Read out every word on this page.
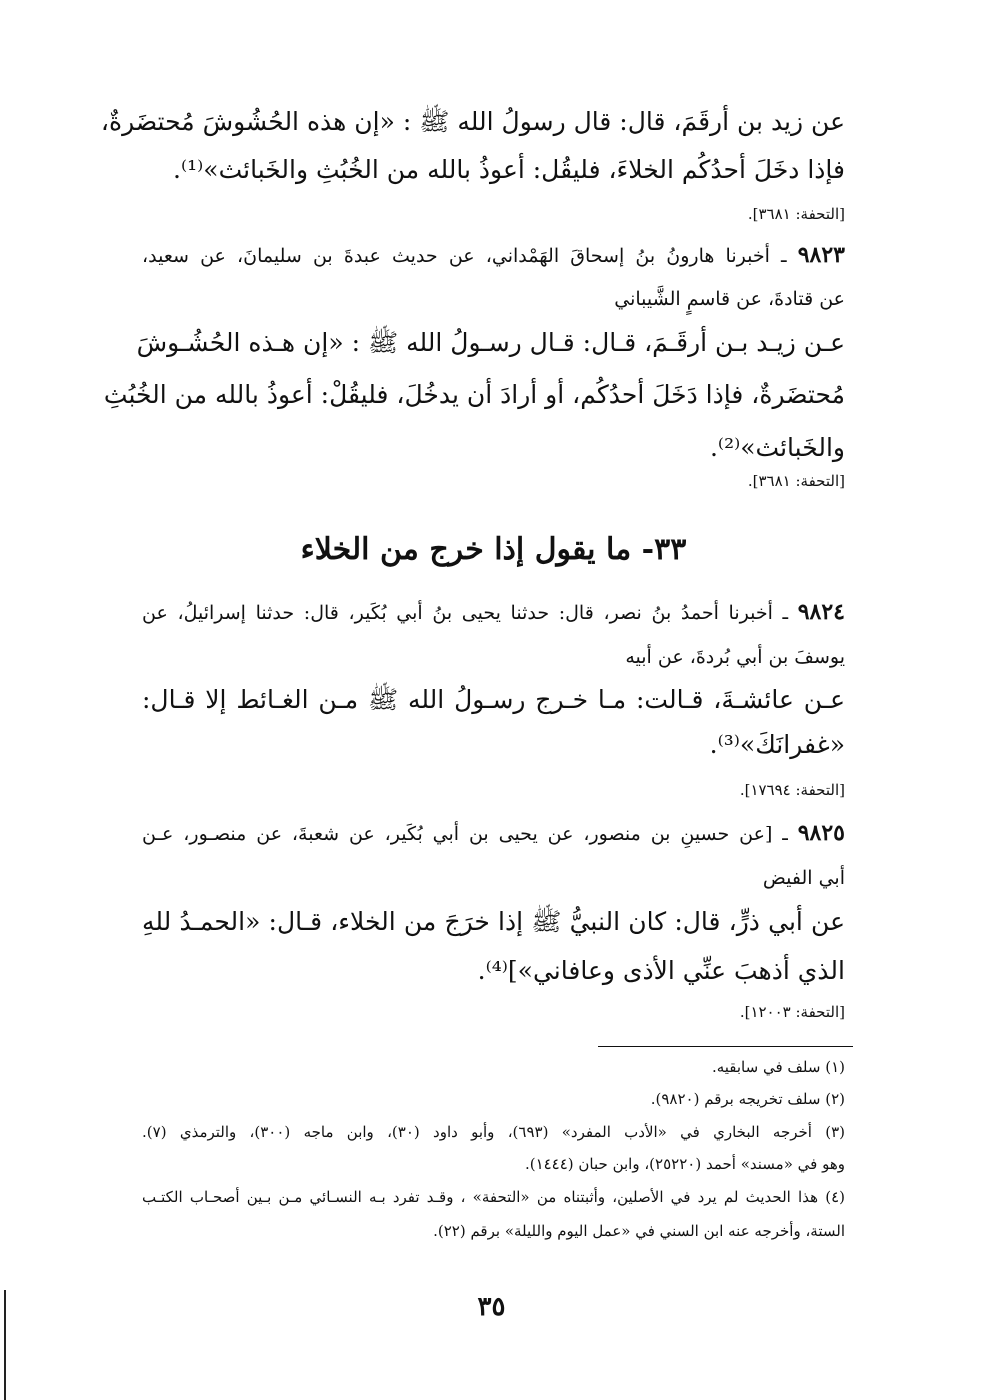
عن زيد بن أرقَمَ، قال: قال رسولُ الله ﷺ : «إن هذه الحُشُوشَ مُحتضَرةٌ،
فإذا دخَلَ أحدُكُم الخلاءَ، فليقُل: أعوذُ بالله من الخُبُثِ والخَبائث»⁽¹⁾.
[التحفة: ٣٦٨١].
٩٨٢٣ ـ أخبرنا هارونُ بنُ إسحاقَ الهَمْداني، عن حديث عبدةَ بن سليمانَ، عن سعيد،
عن قتادةَ، عن قاسمٍ الشَّيباني
عـن زيـد بـن أرقَـمَ، قـال: قـال رسـولُ الله ﷺ : «إن هـذه الحُشُـوشَ
مُحتضَرةٌ، فإذا دَخَلَ أحدُكُم، أو أرادَ أن يدخُلَ، فليقُلْ: أعوذُ بالله من الخُبُثِ
والخَبائث»⁽²⁾.
[التحفة: ٣٦٨١].
٣٣- ما يقول إذا خرج من الخلاء
٩٨٢٤ ـ أخبرنا أحمدُ بنُ نصر، قال: حدثنا يحيى بنُ أبي بُكَير، قال: حدثنا إسرائيلُ، عن
يوسفَ بن أبي بُردةَ، عن أبيه
عـن عائشـةَ، قـالت: مـا خـرج رسـولُ الله ﷺ مـن الغـائط إلا قـال:
«غفرانَكَ»⁽³⁾.
[التحفة: ١٧٦٩٤].
٩٨٢٥ ـ [عن حسينِ بن منصور، عن يحيى بن أبي بُكَير، عن شعبةَ، عن منصـور، عـن
أبي الفيض
عن أبي ذرٍّ، قال: كان النبيُّ ﷺ إذا خرَجَ من الخلاء، قـال: «الحمـدُ للهِ
الذي أذهبَ عنِّي الأذى وعافاني»]⁽⁴⁾.
[التحفة: ١٢٠٠٣].
(١) سلف في سابقيه.
(٢) سلف تخريجه برقم (٩٨٢٠).
(٣) أخرجه البخاري في «الأدب المفرد» (٦٩٣)، وأبو داود (٣٠)، وابن ماجه (٣٠٠)، والترمذي (٧).
وهو في «مسند» أحمد (٢٥٢٢٠)، وابن حبان (١٤٤٤).
(٤) هذا الحديث لم يرد في الأصلين، وأثبتناه من «التحفة» ، وقـد تفرد بـه النسـائي مـن بـين أصحـاب الكتـب
الستة، وأخرجه عنه ابن السني في «عمل اليوم والليلة» برقم (٢٢).
٣٥
